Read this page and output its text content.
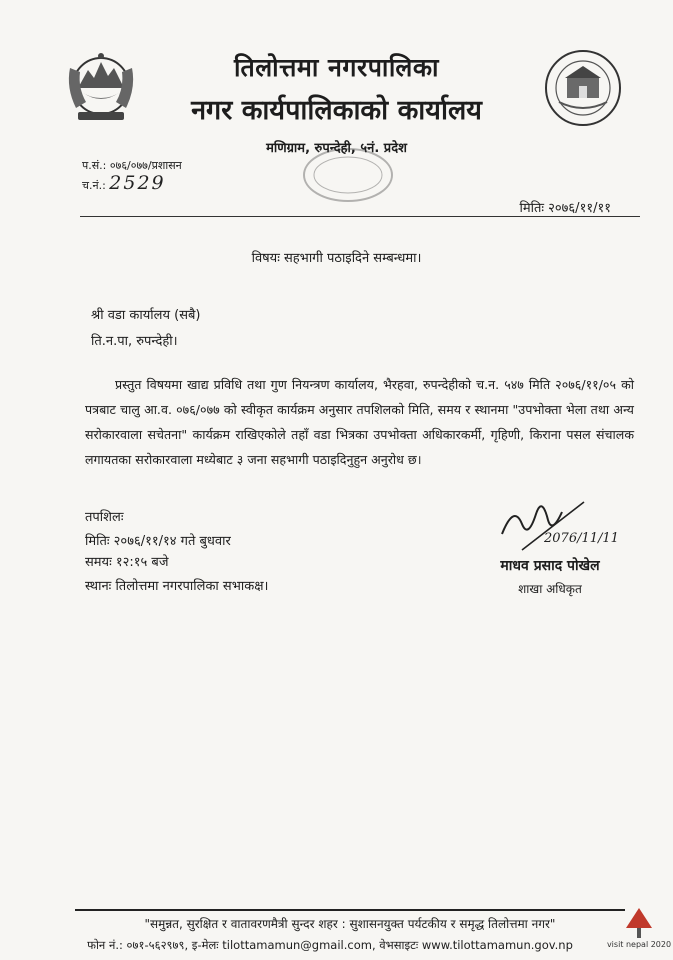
तिलोत्तमा नगरपालिका
नगर कार्यपालिकाको कार्यालय
मणिग्राम, रुपन्देही, ५नं. प्रदेश
प.सं.: ०७६/०७७/प्रशासन
च.नं.: 2529
मितिः २०७६/११/११
विषयः सहभागी पठाइदिने सम्बन्धमा।
श्री वडा कार्यालय (सबै)
ति.न.पा, रुपन्देही।
प्रस्तुत विषयमा खाद्य प्रविधि तथा गुण नियन्त्रण कार्यालय, भैरहवा, रुपन्देहीको च.न. ५४७ मिति २०७६/११/०५ को पत्रबाट चालु आ.व. ०७६/०७७ को स्वीकृत कार्यक्रम अनुसार तपशिलको मिति, समय र स्थानमा "उपभोक्ता भेला तथा अन्य सरोकारवाला सचेतना" कार्यक्रम राखिएकोले तहाँ वडा भित्रका उपभोक्ता अधिकारकर्मी, गृहिणी, किराना पसल संचालक लगायतका सरोकारवाला मध्येबाट ३ जना सहभागी पठाइदिनुहुन अनुरोध छ।
तपशिलः
मितिः २०७६/११/१४ गते बुधवार
समयः १२:१५ बजे
स्थानः तिलोत्तमा नगरपालिका सभाकक्ष।
2076/11/11
माधव प्रसाद पोखेल
शाखा अधिकृत
"समुन्नत, सुरक्षित र वातावरणमैत्री सुन्दर शहर : सुशासनयुक्त पर्यटकीय र समृद्ध तिलोत्तमा नगर"
फोन नं.: ०७१-५६२९७९, इ-मेलः tilottamamun@gmail.com, वेभसाइटः www.tilottamamun.gov.np	visit nepal 2020
